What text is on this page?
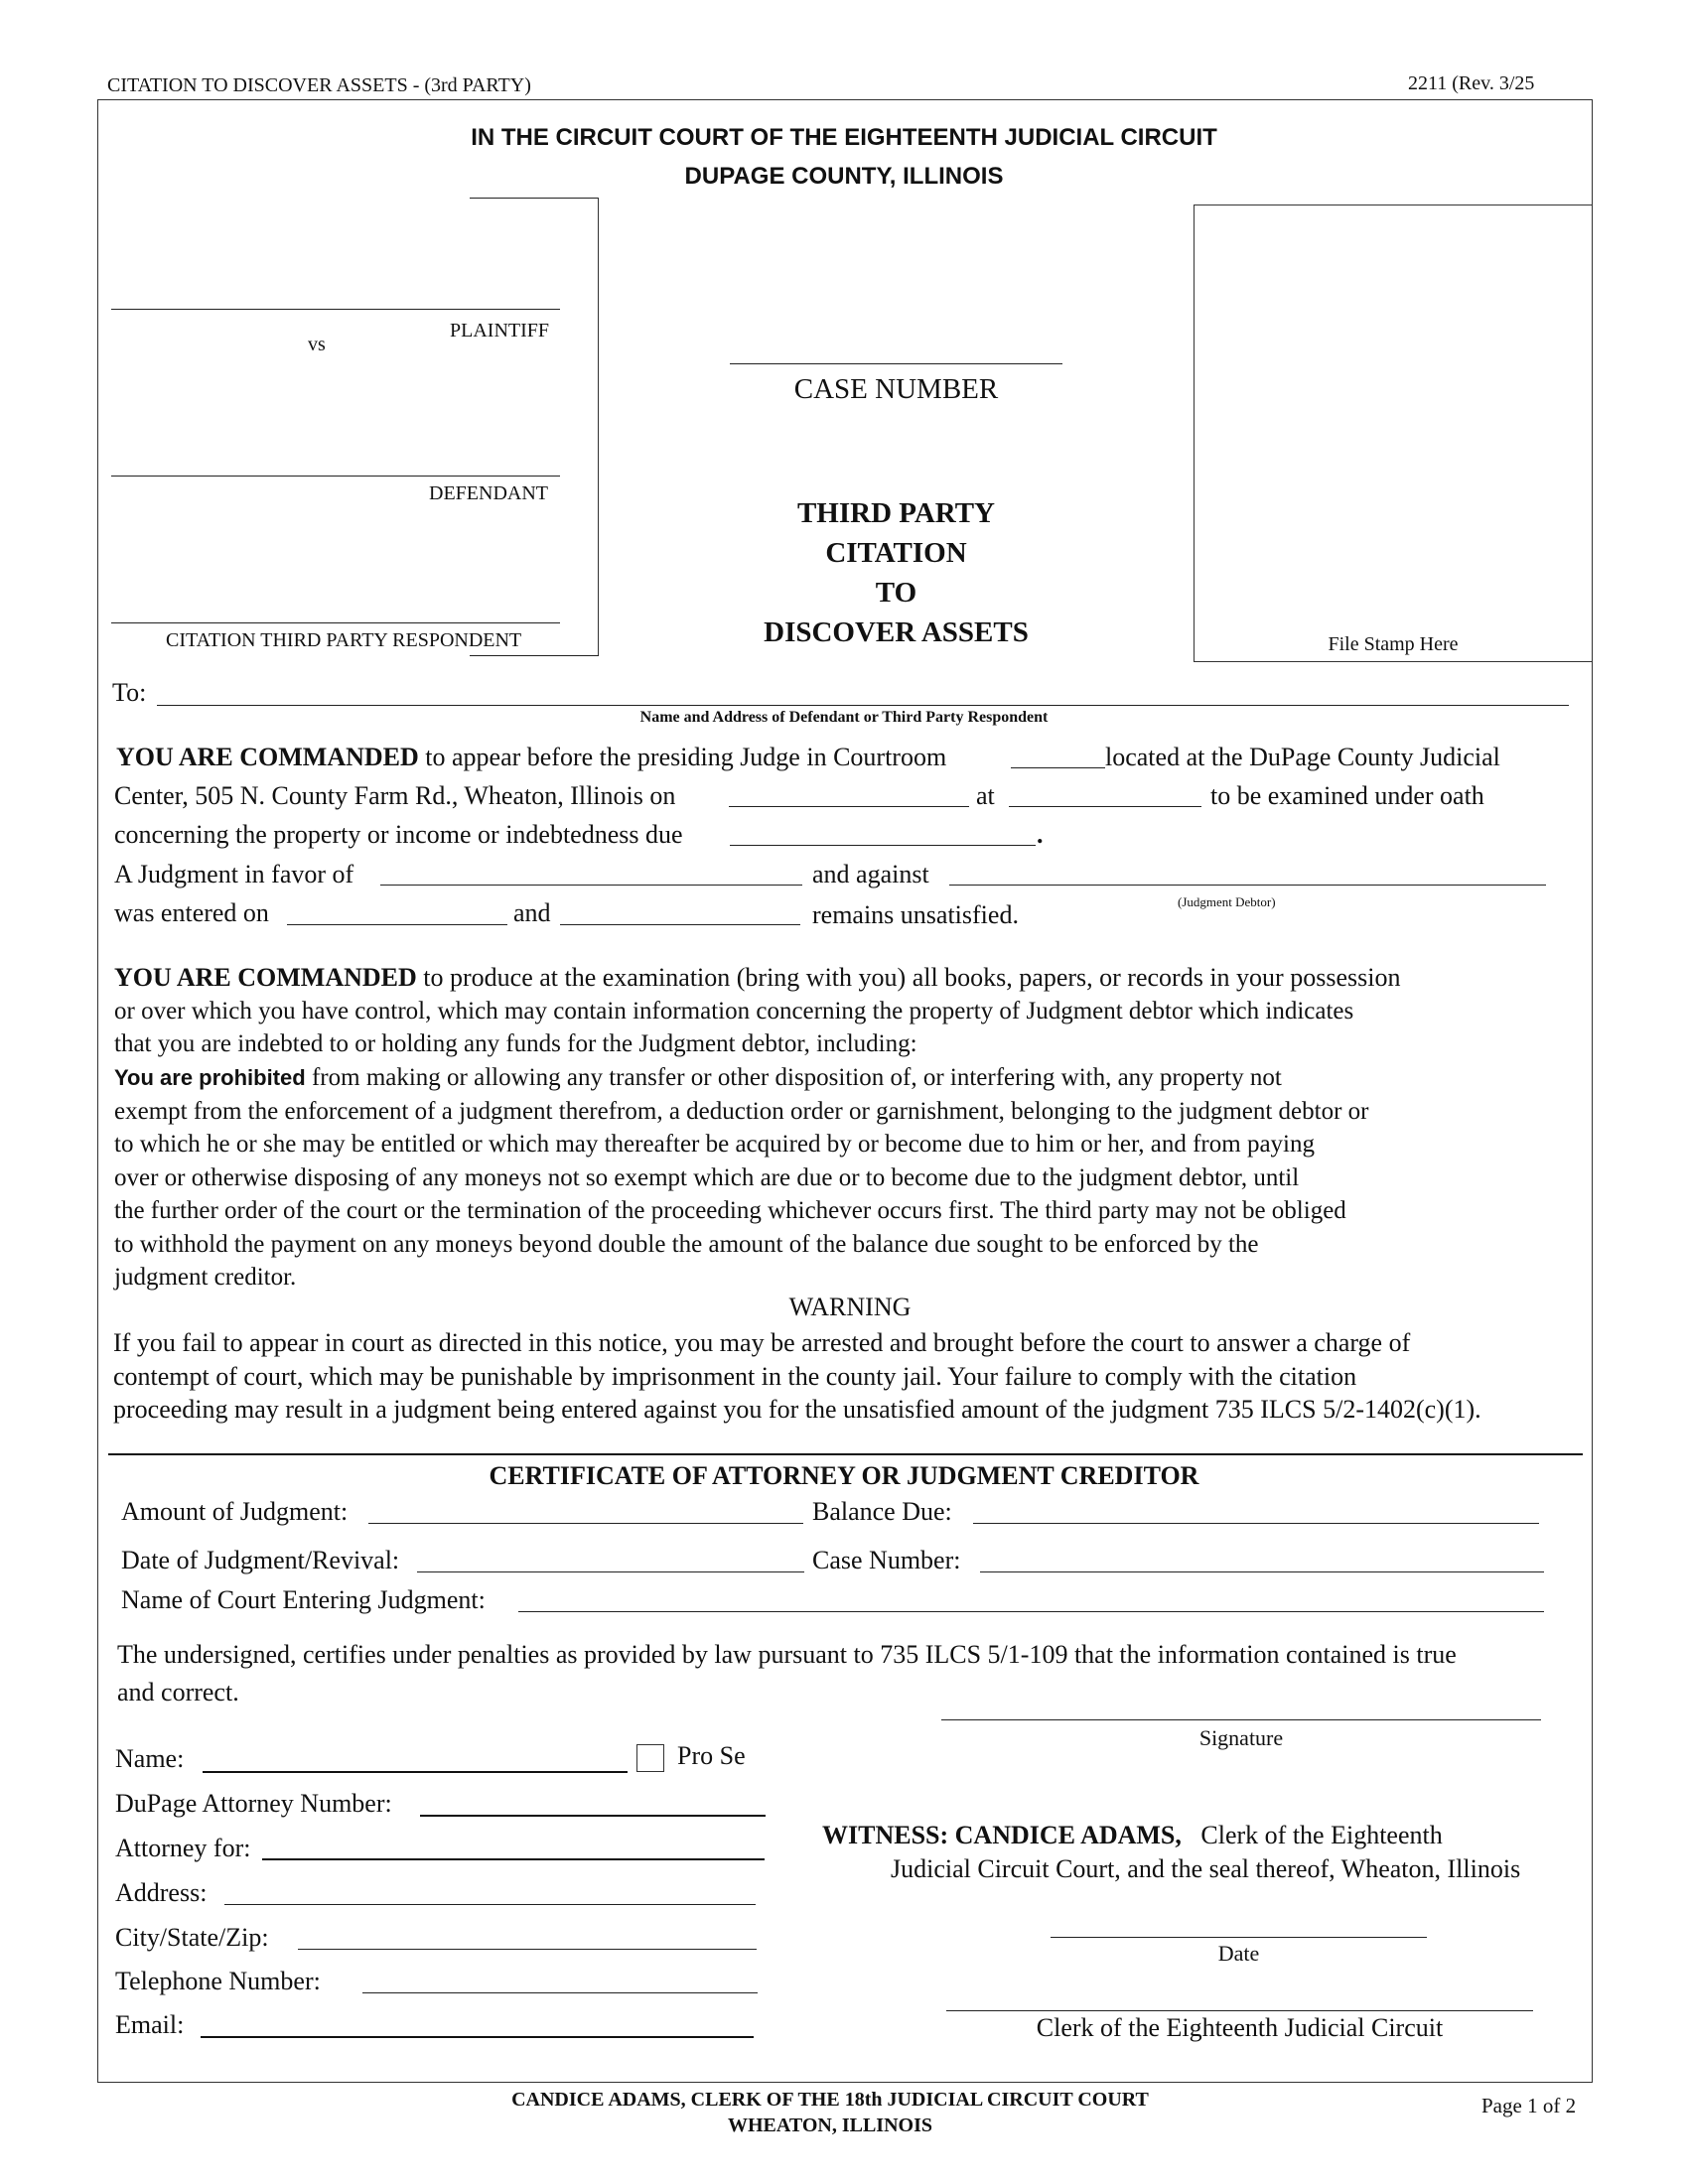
CITATION TO DISCOVER ASSETS - (3rd PARTY)	2211 (Rev. 3/25
IN THE CIRCUIT COURT OF THE EIGHTEENTH JUDICIAL CIRCUIT
DUPAGE COUNTY, ILLINOIS
PLAINTIFF
vs
DEFENDANT
CITATION THIRD PARTY RESPONDENT
CASE NUMBER
THIRD PARTY
CITATION
TO
DISCOVER ASSETS	File Stamp Here
To:
Name and Address of Defendant or Third Party Respondent
YOU ARE COMMANDED to appear before the presiding Judge in Courtroom	located at the DuPage County Judicial
Center, 505 N. County Farm Rd., Wheaton, Illinois on	at	to be examined under oath
concerning the property or income or indebtedness due	.
A Judgment in favor of	and against
(Judgment Debtor)
was entered on	and	remains unsatisfied.
YOU ARE COMMANDED to produce at the examination (bring with you) all books, papers, or records in your possession
or over which you have control, which may contain information concerning the property of Judgment debtor which indicates
that you are indebted to or holding any funds for the Judgment debtor, including:
You are prohibited from making or allowing any transfer or other disposition of, or interfering with, any property not
exempt from the enforcement of a judgment therefrom, a deduction order or garnishment, belonging to the judgment debtor or
to which he or she may be entitled or which may thereafter be acquired by or become due to him or her, and from paying
over or otherwise disposing of any moneys not so exempt which are due or to become due to the judgment debtor, until
the further order of the court or the termination of the proceeding whichever occurs first. The third party may not be obliged
to withhold the payment on any moneys beyond double the amount of the balance due sought to be enforced by the
judgment creditor.
WARNING
If you fail to appear in court as directed in this notice, you may be arrested and brought before the court to answer a charge of
contempt of court, which may be punishable by imprisonment in the county jail. Your failure to comply with the citation
proceeding may result in a judgment being entered against you for the unsatisfied amount of the judgment 735 ILCS 5/2-1402(c)(1).
CERTIFICATE OF ATTORNEY OR JUDGMENT CREDITOR
Amount of Judgment:	Balance Due:
Date of Judgment/Revival:	Case Number:
Name of Court Entering Judgment:
The undersigned, certifies under penalties as provided by law pursuant to 735 ILCS 5/1-109 that the information contained is true
and correct.
Signature
Name:	Pro Se
DuPage Attorney Number:
Attorney for:
Address:
City/State/Zip:
Telephone Number:
Email:
WITNESS: CANDICE ADAMS, Clerk of the Eighteenth
Judicial Circuit Court, and the seal thereof, Wheaton, Illinois
Date
Clerk of the Eighteenth Judicial Circuit
CANDICE ADAMS, CLERK OF THE 18th JUDICIAL CIRCUIT COURT
WHEATON, ILLINOIS
Page 1 of 2
